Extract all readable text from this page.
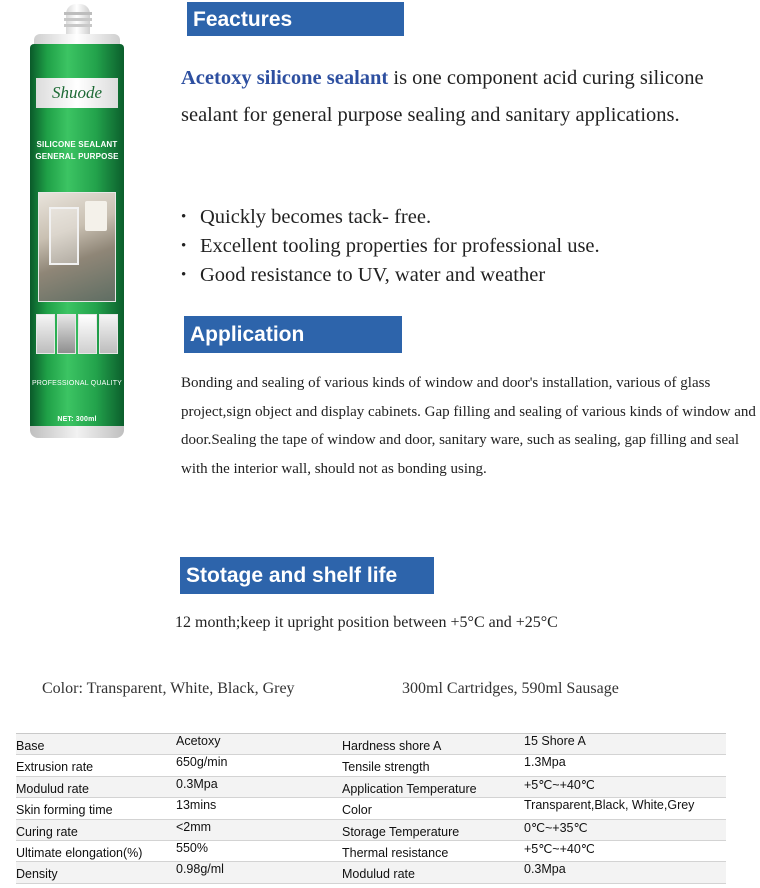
Shuode
SILICONE SEALANT
GENERAL PURPOSE
PROFESSIONAL QUALITY
NET: 300ml
Feactures

Acetoxy silicone sealant is one component acid curing silicone sealant for general purpose sealing and sanitary applications.

• Quickly becomes tack- free.
• Excellent tooling properties for professional use.
• Good resistance to UV, water and weather
Application

Bonding and sealing of various kinds of window and door's installation, various of glass project,sign object and display cabinets. Gap filling and sealing of various kinds of window and door.Sealing the tape of window and door, sanitary ware, such as sealing, gap filling and seal with the interior wall, should not as bonding using.

Stotage and shelf life

12 month;keep it upright position between +5°C and +25°C

Color: Transparent, White, Black, Grey	300ml Cartridges, 590ml Sausage

Base	Acetoxy	Hardness shore A	15 Shore A
Extrusion rate	650g/min	Tensile strength	1.3Mpa
Modulud rate	0.3Mpa	Application Temperature	+5℃~+40℃
Skin forming time	13mins	Color	Transparent,Black, White,Grey
Curing rate	<2mm	Storage Temperature	0℃~+35℃
Ultimate elongation(%)	550%	Thermal resistance	+5℃~+40℃
Density	0.98g/ml	Modulud rate	0.3Mpa
